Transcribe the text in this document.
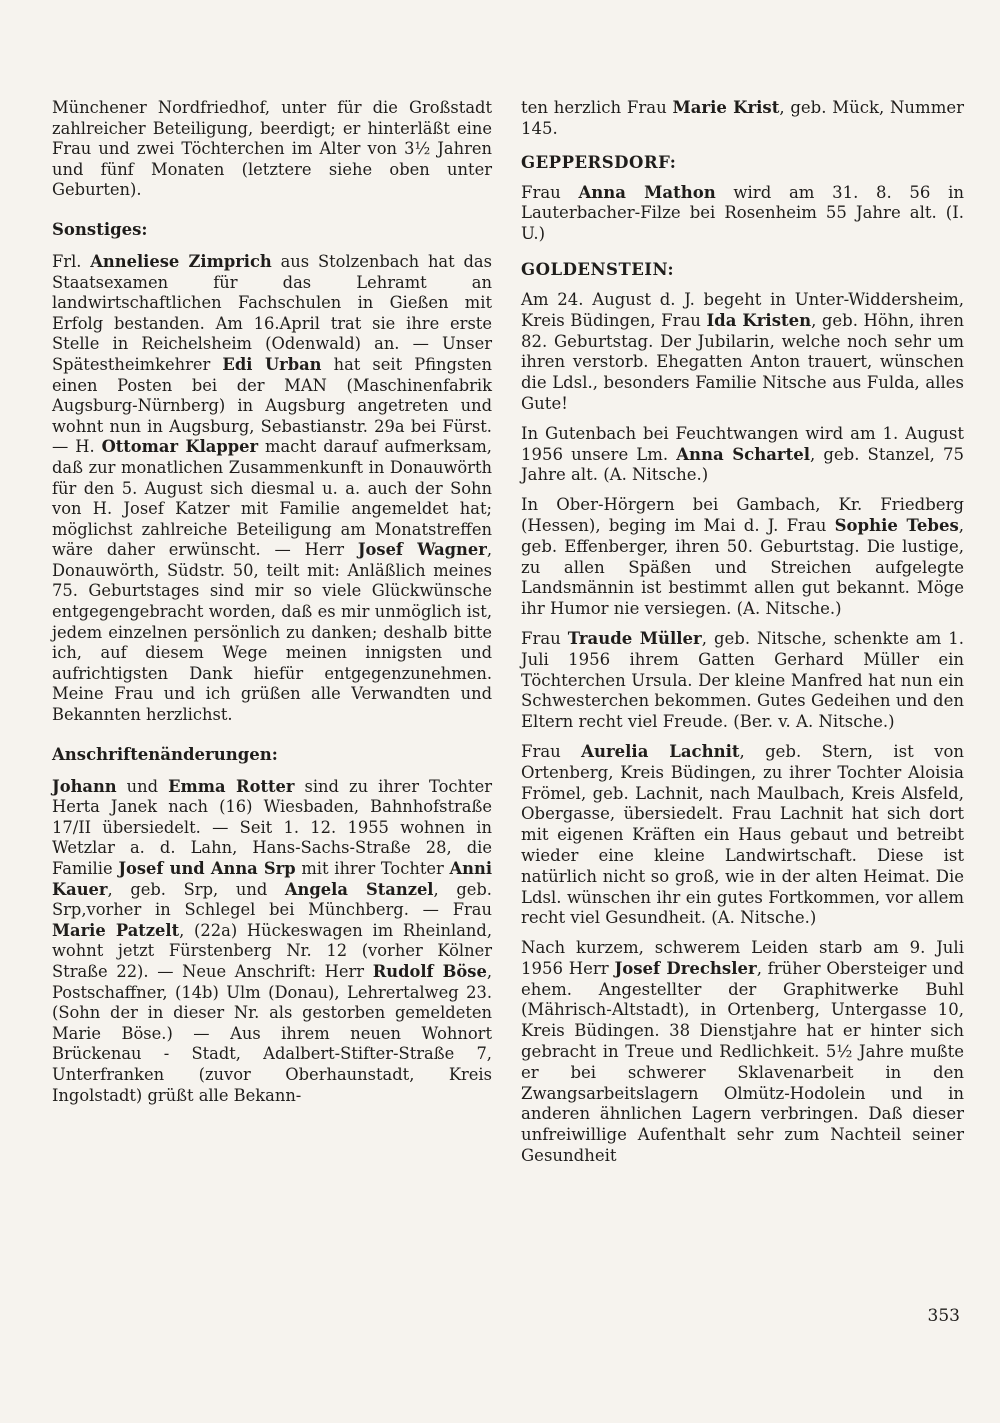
Münchener Nordfriedhof, unter für die Großstadt zahlreicher Beteiligung, beerdigt; er hinterläßt eine Frau und zwei Töchterchen im Alter von 3½ Jahren und fünf Monaten (letztere siehe oben unter Geburten).

Sonstiges:

Frl. Anneliese Zimprich aus Stolzenbach hat das Staatsexamen für das Lehramt an landwirtschaftlichen Fachschulen in Gießen mit Erfolg bestanden. Am 16.April trat sie ihre erste Stelle in Reichelsheim (Odenwald) an. — Unser Spätestheimkehrer Edi Urban hat seit Pfingsten einen Posten bei der MAN (Maschinenfabrik Augsburg-Nürnberg) in Augsburg angetreten und wohnt nun in Augsburg, Sebastianstr. 29a bei Fürst. — H. Ottomar Klapper macht darauf aufmerksam, daß zur monatlichen Zusammenkunft in Donauwörth für den 5. August sich diesmal u. a. auch der Sohn von H. Josef Katzer mit Familie angemeldet hat; möglichst zahlreiche Beteiligung am Monatstreffen wäre daher erwünscht. — Herr Josef Wagner, Donauwörth, Südstr. 50, teilt mit: Anläßlich meines 75. Geburtstages sind mir so viele Glückwünsche entgegengebracht worden, daß es mir unmöglich ist, jedem einzelnen persönlich zu danken; deshalb bitte ich, auf diesem Wege meinen innigsten und aufrichtigsten Dank hiefür entgegenzunehmen. Meine Frau und ich grüßen alle Verwandten und Bekannten herzlichst.

Anschriftenänderungen:

Johann und Emma Rotter sind zu ihrer Tochter Herta Janek nach (16) Wiesbaden, Bahnhofstraße 17/II übersiedelt. — Seit 1. 12. 1955 wohnen in Wetzlar a. d. Lahn, Hans-Sachs-Straße 28, die Familie Josef und Anna Srp mit ihrer Tochter Anni Kauer, geb. Srp, und Angela Stanzel, geb. Srp,vorher in Schlegel bei Münchberg. — Frau Marie Patzelt, (22a) Hückeswagen im Rheinland, wohnt jetzt Fürstenberg Nr. 12 (vorher Kölner Straße 22). — Neue Anschrift: Herr Rudolf Böse, Postschaffner, (14b) Ulm (Donau), Lehrertalweg 23. (Sohn der in dieser Nr. als gestorben gemeldeten Marie Böse.) — Aus ihrem neuen Wohnort Brückenau - Stadt, Adalbert-Stifter-Straße 7, Unterfranken (zuvor Oberhaunstadt, Kreis Ingolstadt) grüßt alle Bekann-

ten herzlich Frau Marie Krist, geb. Mück, Nummer 145.

GEPPERSDORF:

Frau Anna Mathon wird am 31. 8. 56 in Lauterbacher-Filze bei Rosenheim 55 Jahre alt. (I. U.)

GOLDENSTEIN:

Am 24. August d. J. begeht in Unter-Widdersheim, Kreis Büdingen, Frau Ida Kristen, geb. Höhn, ihren 82. Geburtstag. Der Jubilarin, welche noch sehr um ihren verstorb. Ehegatten Anton trauert, wünschen die Ldsl., besonders Familie Nitsche aus Fulda, alles Gute!

In Gutenbach bei Feuchtwangen wird am 1. August 1956 unsere Lm. Anna Schartel, geb. Stanzel, 75 Jahre alt. (A. Nitsche.)

In Ober-Hörgern bei Gambach, Kr. Friedberg (Hessen), beging im Mai d. J. Frau Sophie Tebes, geb. Effenberger, ihren 50. Geburtstag. Die lustige, zu allen Späßen und Streichen aufgelegte Landsmännin ist bestimmt allen gut bekannt. Möge ihr Humor nie versiegen. (A. Nitsche.)

Frau Traude Müller, geb. Nitsche, schenkte am 1. Juli 1956 ihrem Gatten Gerhard Müller ein Töchterchen Ursula. Der kleine Manfred hat nun ein Schwesterchen bekommen. Gutes Gedeihen und den Eltern recht viel Freude. (Ber. v. A. Nitsche.)

Frau Aurelia Lachnit, geb. Stern, ist von Ortenberg, Kreis Büdingen, zu ihrer Tochter Aloisia Frömel, geb. Lachnit, nach Maulbach, Kreis Alsfeld, Obergasse, übersiedelt. Frau Lachnit hat sich dort mit eigenen Kräften ein Haus gebaut und betreibt wieder eine kleine Landwirtschaft. Diese ist natürlich nicht so groß, wie in der alten Heimat. Die Ldsl. wünschen ihr ein gutes Fortkommen, vor allem recht viel Gesundheit. (A. Nitsche.)

Nach kurzem, schwerem Leiden starb am 9. Juli 1956 Herr Josef Drechsler, früher Obersteiger und ehem. Angestellter der Graphitwerke Buhl (Mährisch-Altstadt), in Ortenberg, Untergasse 10, Kreis Büdingen. 38 Dienstjahre hat er hinter sich gebracht in Treue und Redlichkeit. 5½ Jahre mußte er bei schwerer Sklavenarbeit in den Zwangsarbeitslagern Olmütz-Hodolein und in anderen ähnlichen Lagern verbringen. Daß dieser unfreiwillige Aufenthalt sehr zum Nachteil seiner Gesundheit

353
